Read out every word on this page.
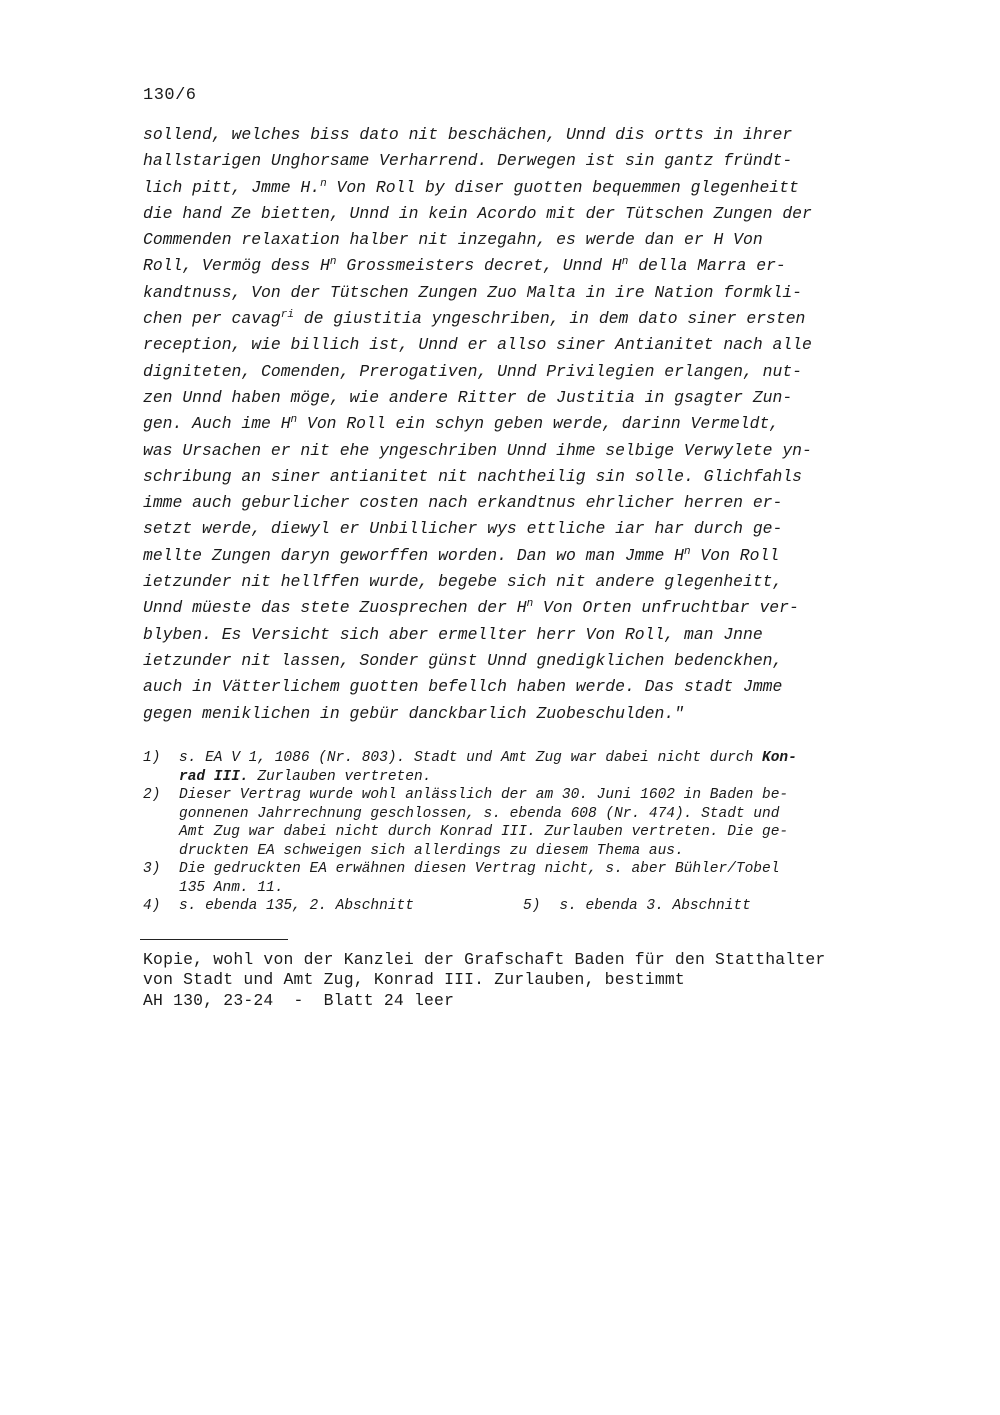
130/6
sollend, welches biss dato nit beschächen, Unnd dis ortts in ihrer
hallstarigen Unghorsame Verharrend. Derwegen ist sin gantz fründt-
lich pitt, Jmme H.$^n$ Von Roll by diser guotten bequemmen glegenheitt
die hand Ze bietten, Unnd in kein Acordo mit der Tütschen Zungen der
Commenden relaxation halber nit inzegahn, es werde dan er H Von
Roll, Vermög dess $H^n$ Grossmeisters decret, Unnd $H^n$ della Marra er-
kandtnuss, Von der Tütschen Zungen Zuo Malta in ire Nation formkli-
chen per cavag$^{ri}$ de giustitia yngeschriben, in dem dato siner ersten
reception, wie billich ist, Unnd er allso siner Antianitet nach alle
digniteten, Comenden, Prerogativen, Unnd Privilegien erlangen, nut-
zen Unnd haben möge, wie andere Ritter de Justitia in gsagter Zun-
gen. Auch ime $H^n$ Von Roll ein schyn geben werde, darinn Vermeldt,
was Ursachen er nit ehe yngeschriben Unnd ihme selbige Verwylete yn-
schribung an siner antianitet nit nachtheilig sin solle. Glichfahls
imme auch geburlicher costen nach erkandtnus ehrlicher herren er-
setzt werde, diewyl er Unbillicher wys ettliche iar har durch ge-
mellte Zungen daryn geworffen worden. Dan wo man Jmme $H^n$ Von Roll
ietzunder nit hellffen wurde, begebe sich nit andere glegenheitt,
Unnd müeste das stete Zuosprechen der $H^n$ Von Orten unfruchtbar ver-
blyben. Es Versicht sich aber ermellter herr Von Roll, man Jnne
ietzunder nit lassen, Sonder günst Unnd gnedigklichen bedenckhen,
auch in Vätterlichem guotten befellch haben werde. Das stadt Jmme
gegen meniklichen in gebür danckbarlich Zuobeschulden."
1) s. EA V 1, 1086 (Nr. 803). Stadt und Amt Zug war dabei nicht durch Kon-
rad III. Zurlauben vertreten.
2) Dieser Vertrag wurde wohl anlässlich der am 30. Juni 1602 in Baden be-
gonnenen Jahrrechnung geschlossen, s. ebenda 608 (Nr. 474). Stadt und
Amt Zug war dabei nicht durch Konrad III. Zurlauben vertreten. Die ge-
druckten EA schweigen sich allerdings zu diesem Thema aus.
3) Die gedruckten EA erwähnen diesen Vertrag nicht, s. aber Bühler/Tobel
135 Anm. 11.
4) s. ebenda 135, 2. Abschnitt	5) s. ebenda 3. Abschnitt
Kopie, wohl von der Kanzlei der Grafschaft Baden für den Statthalter
von Stadt und Amt Zug, Konrad III. Zurlauben, bestimmt
AH 130, 23-24  -  Blatt 24 leer
